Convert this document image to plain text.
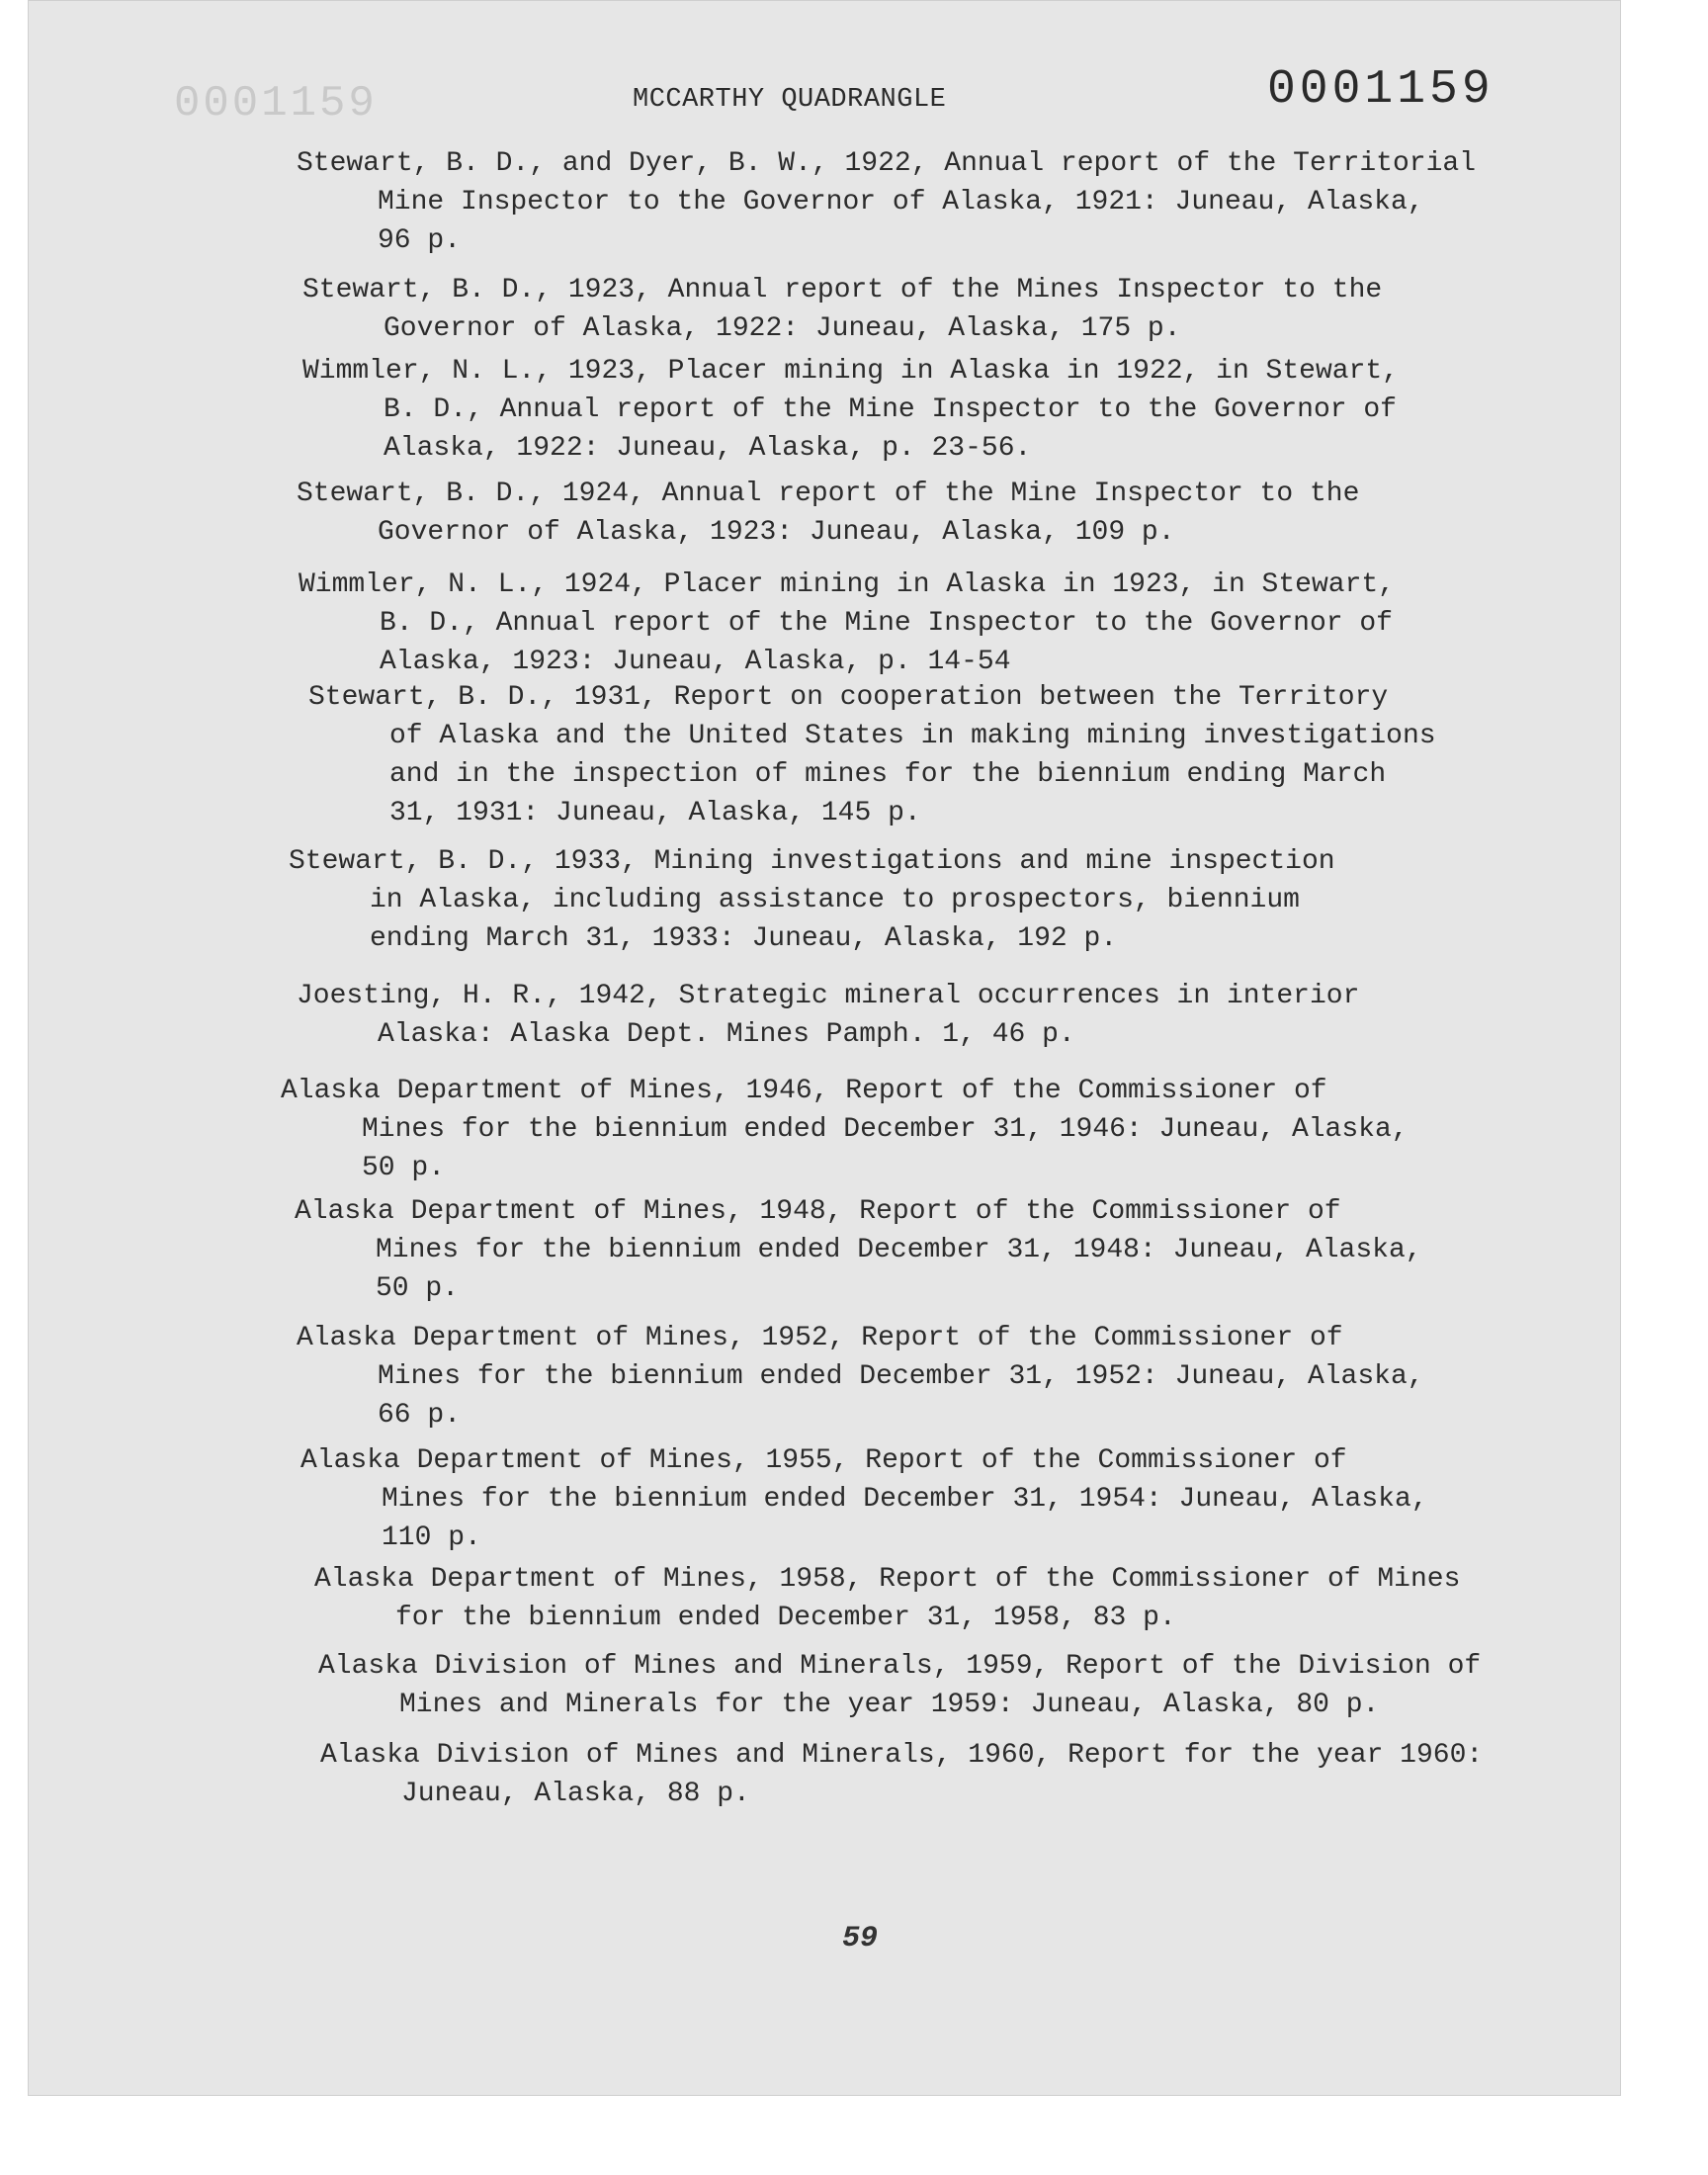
0001159	MCCARTHY QUADRANGLE	0001159
Stewart, B. D., and Dyer, B. W., 1922, Annual report of the Territorial
Mine Inspector to the Governor of Alaska, 1921: Juneau, Alaska,
96 p.
Stewart, B. D., 1923, Annual report of the Mines Inspector to the
Governor of Alaska, 1922: Juneau, Alaska, 175 p.
Wimmler, N. L., 1923, Placer mining in Alaska in 1922, in Stewart,
B. D., Annual report of the Mine Inspector to the Governor of
Alaska, 1922: Juneau, Alaska, p. 23-56.
Stewart, B. D., 1924, Annual report of the Mine Inspector to the
Governor of Alaska, 1923: Juneau, Alaska, 109 p.
Wimmler, N. L., 1924, Placer mining in Alaska in 1923, in Stewart,
B. D., Annual report of the Mine Inspector to the Governor of
Alaska, 1923: Juneau, Alaska, p. 14-54
Stewart, B. D., 1931, Report on cooperation between the Territory
of Alaska and the United States in making mining investigations
and in the inspection of mines for the biennium ending March
31, 1931: Juneau, Alaska, 145 p.
Stewart, B. D., 1933, Mining investigations and mine inspection
in Alaska, including assistance to prospectors, biennium
ending March 31, 1933: Juneau, Alaska, 192 p.
Joesting, H. R., 1942, Strategic mineral occurrences in interior
Alaska: Alaska Dept. Mines Pamph. 1, 46 p.
Alaska Department of Mines, 1946, Report of the Commissioner of
Mines for the biennium ended December 31, 1946: Juneau, Alaska,
50 p.
Alaska Department of Mines, 1948, Report of the Commissioner of
Mines for the biennium ended December 31, 1948: Juneau, Alaska,
50 p.
Alaska Department of Mines, 1952, Report of the Commissioner of
Mines for the biennium ended December 31, 1952: Juneau, Alaska,
66 p.
Alaska Department of Mines, 1955, Report of the Commissioner of
Mines for the biennium ended December 31, 1954: Juneau, Alaska,
110 p.
Alaska Department of Mines, 1958, Report of the Commissioner of Mines
for the biennium ended December 31, 1958, 83 p.
Alaska Division of Mines and Minerals, 1959, Report of the Division of
Mines and Minerals for the year 1959: Juneau, Alaska, 80 p.
Alaska Division of Mines and Minerals, 1960, Report for the year 1960:
Juneau, Alaska, 88 p.
59
